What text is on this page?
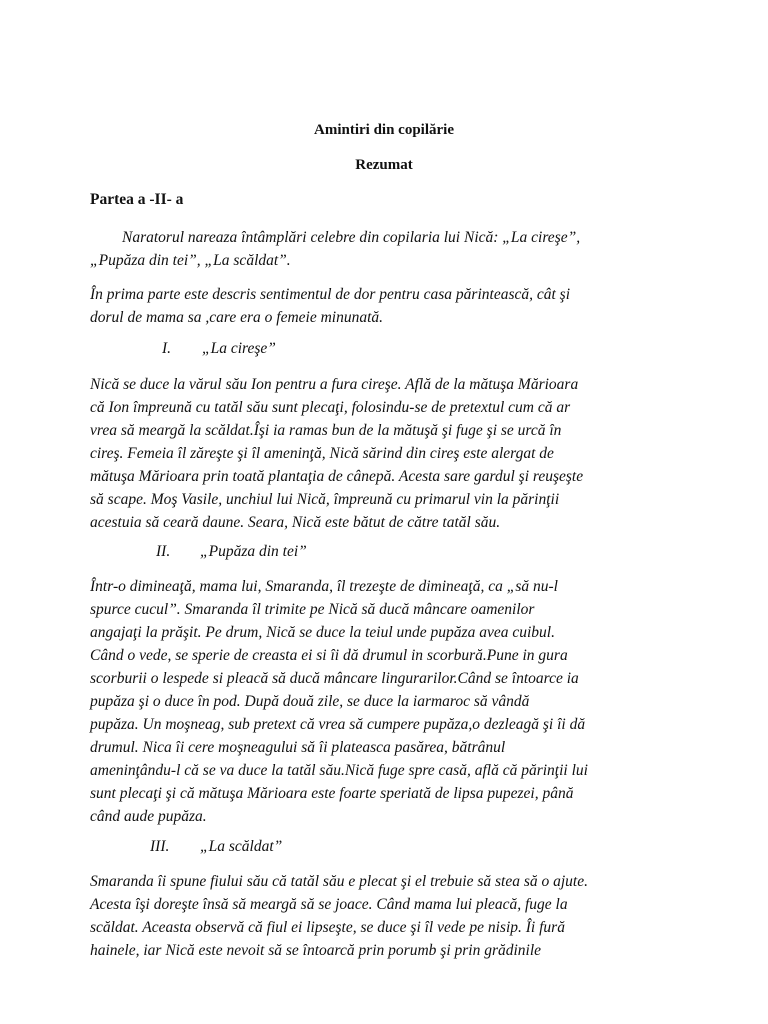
Amintiri din copilărie
Rezumat
Partea a -II- a
Naratorul nareaza întâmplări celebre din copilaria lui Nică: „La cireşe”,
„Pupăza din tei”, „La scăldat”.
În prima parte este descris sentimentul de dor pentru casa părintească, cât şi
dorul de mama sa ,care era o femeie minunată.
I. „La cireşe”
Nică se duce la vărul său Ion pentru a fura cireşe. Află de la mătuşa Mărioara
că Ion împreună cu tatăl său sunt plecaţi, folosindu-se de pretextul cum că ar
vrea să meargă la scăldat.Îşi ia ramas bun de la mătuşă şi fuge şi se urcă în
cireş. Femeia îl zăreşte şi îl ameninţă, Nică sărind din cireş este alergat de
mătuşa Mărioara prin toată plantaţia de cânepă. Acesta sare gardul şi reuşeşte
să scape. Moş Vasile, unchiul lui Nică, împreună cu primarul vin la părinţii
acestuia să ceară daune. Seara, Nică este bătut de către tatăl său.
II. „Pupăza din tei”
Într-o dimineaţă, mama lui, Smaranda, îl trezeşte de dimineaţă, ca „să nu-l
spurce cucul”. Smaranda îl trimite pe Nică să ducă mâncare oamenilor
angajaţi la prăşit. Pe drum, Nică se duce la teiul unde pupăza avea cuibul.
Când o vede, se sperie de creasta ei si îi dă drumul in scorbură.Pune in gura
scorburii o lespede si pleacă să ducă mâncare lingurarilor.Când se întoarce ia
pupăza şi o duce în pod. După două zile, se duce la iarmaroc să vândă
pupăza. Un moşneag, sub pretext că vrea să cumpere pupăza,o dezleagă şi îi dă
drumul. Nica îi cere moşneagului să îi plateasca pasărea, bătrânul
ameninţându-l că se va duce la tatăl său.Nică fuge spre casă, află că părinţii lui
sunt plecaţi şi că mătuşa Mărioara este foarte speriată de lipsa pupezei, până
când aude pupăza.
III. „La scăldat”
Smaranda îi spune fiului său că tatăl său e plecat şi el trebuie să stea să o ajute.
Acesta îşi doreşte însă să meargă să se joace. Când mama lui pleacă, fuge la
scăldat. Aceasta observă că fiul ei lipseşte, se duce şi îl vede pe nisip. Îi fură
hainele, iar Nică este nevoit să se întoarcă prin porumb şi prin grădinile
